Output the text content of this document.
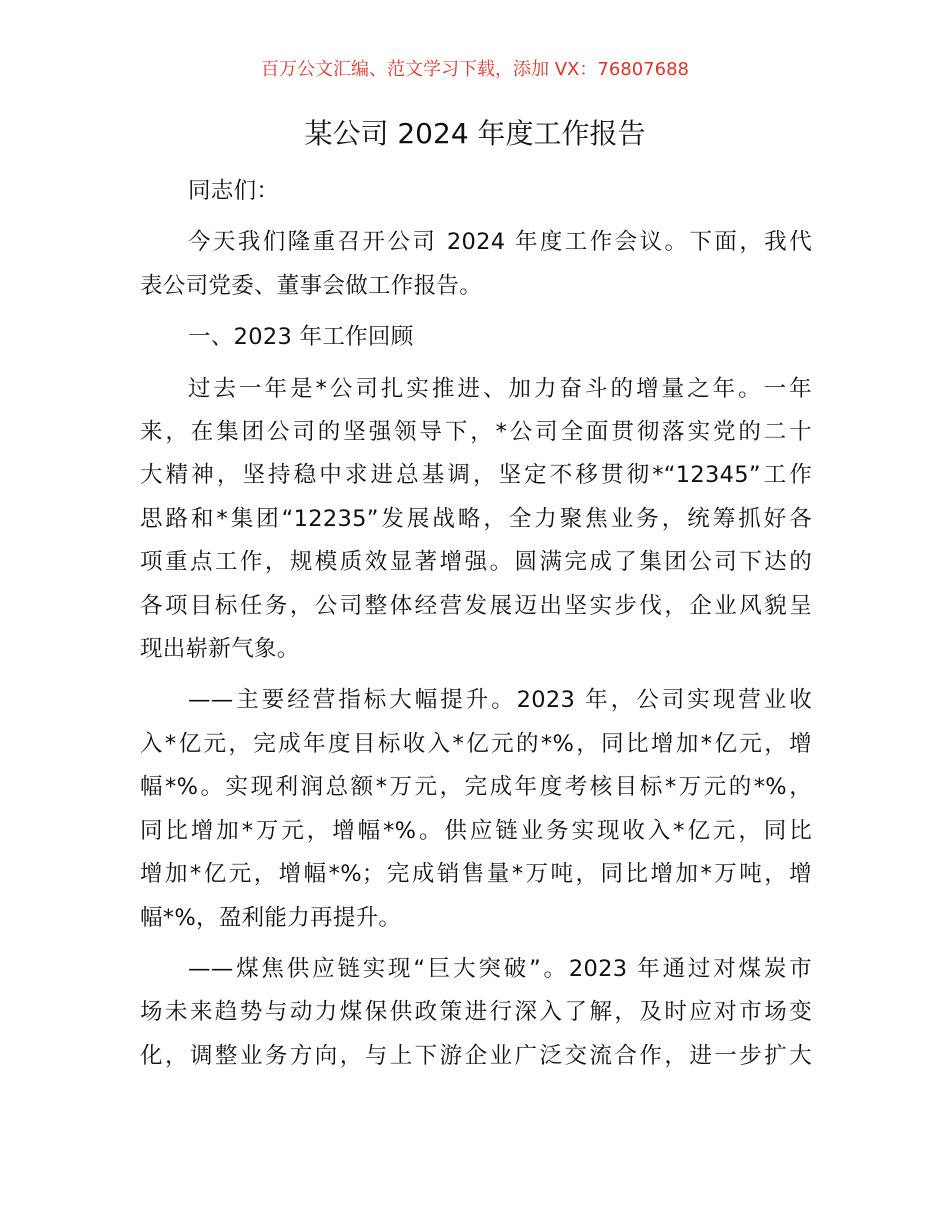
百万公文汇编、范文学习下载，添加 VX：76807688
某公司 2024 年度工作报告

同志们：

今天我们隆重召开公司 2024 年度工作会议。下面，我代
表公司党委、董事会做工作报告。

一、2023 年工作回顾

过去一年是*公司扎实推进、加力奋斗的增量之年。一年
来，在集团公司的坚强领导下，*公司全面贯彻落实党的二十
大精神，坚持稳中求进总基调，坚定不移贯彻*“12345”工作
思路和*集团“12235”发展战略，全力聚焦业务，统筹抓好各
项重点工作，规模质效显著增强。圆满完成了集团公司下达的
各项目标任务，公司整体经营发展迈出坚实步伐，企业风貌呈
现出崭新气象。

——主要经营指标大幅提升。2023 年，公司实现营业收
入*亿元，完成年度目标收入*亿元的*%，同比增加*亿元，增
幅*%。实现利润总额*万元，完成年度考核目标*万元的*%，
同比增加*万元，增幅*%。供应链业务实现收入*亿元，同比
增加*亿元，增幅*%；完成销售量*万吨，同比增加*万吨，增
幅*%，盈利能力再提升。

——煤焦供应链实现“巨大突破”。2023 年通过对煤炭市
场未来趋势与动力煤保供政策进行深入了解，及时应对市场变
化，调整业务方向，与上下游企业广泛交流合作，进一步扩大
